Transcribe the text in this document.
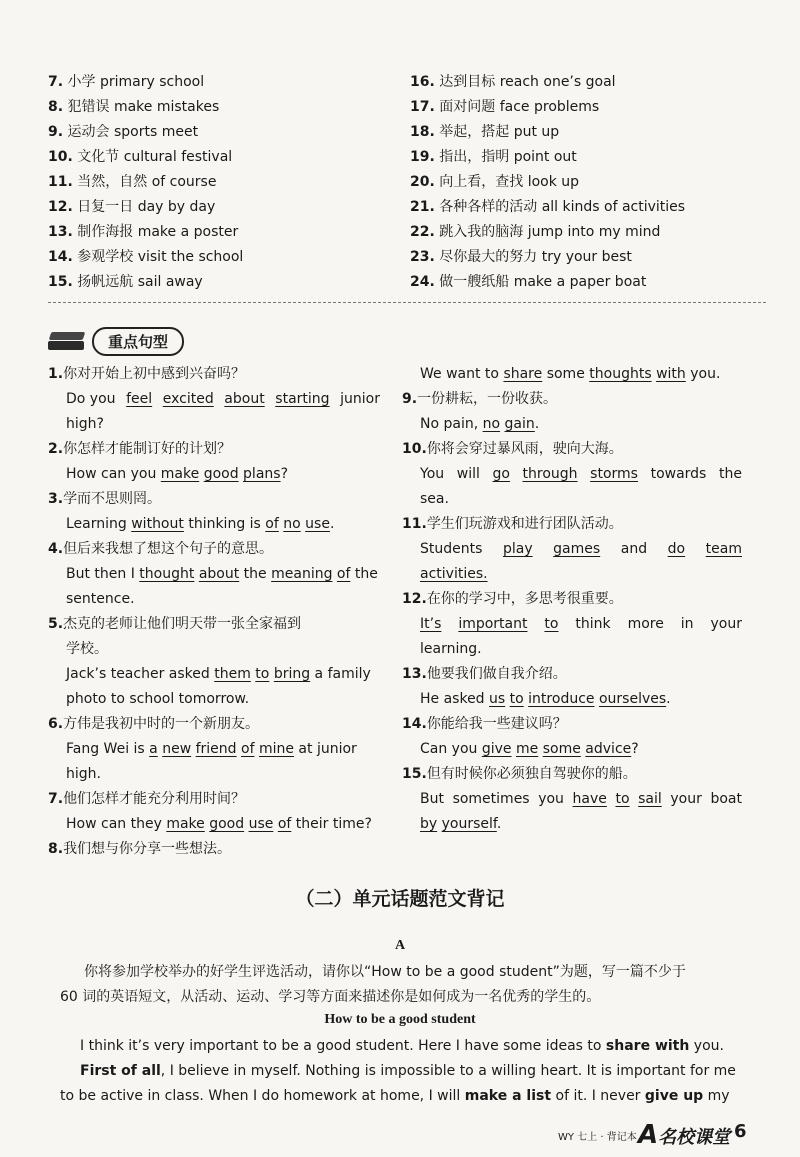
7. 小学 primary school
8. 犯错误 make mistakes
9. 运动会 sports meet
10. 文化节 cultural festival
11. 当然，自然 of course
12. 日复一日 day by day
13. 制作海报 make a poster
14. 参观学校 visit the school
15. 扬帆远航 sail away
16. 达到目标 reach one’s goal
17. 面对问题 face problems
18. 举起，搭起 put up
19. 指出，指明 point out
20. 向上看，查找 look up
21. 各种各样的活动 all kinds of activities
22. 跳入我的脑海 jump into my mind
23. 尽你最大的努力 try your best
24. 做一艘纸船 make a paper boat
重点句型
1.你对开始上初中感到兴奋吗？
Do you feel excited about starting junior
high?
2.你怎样才能制订好的计划？
How can you make good plans?
3.学而不思则罔。
Learning without thinking is of no use.
4.但后来我想了想这个句子的意思。
But then I thought about the meaning of the
sentence.
5.杰克的老师让他们明天带一张全家福到
学校。
Jack’s teacher asked them to bring a family
photo to school tomorrow.
6.方伟是我初中时的一个新朋友。
Fang Wei is a new friend of mine at junior
high.
7.他们怎样才能充分利用时间？
How can they make good use of their time?
8.我们想与你分享一些想法。
We want to share some thoughts with you.
9.一份耕耘，一份收获。
No pain, no gain.
10.你将会穿过暴风雨，驶向大海。
You will go through storms towards the
sea.
11.学生们玩游戏和进行团队活动。
Students play games and do team
activities.
12.在你的学习中，多思考很重要。
It’s important to think more in your
learning.
13.他要我们做自我介绍。
He asked us to introduce ourselves.
14.你能给我一些建议吗？
Can you give me some advice?
15.但有时候你必须独自驾驶你的船。
But sometimes you have to sail your boat
by yourself.
（二）单元话题范文背记
A
你将参加学校举办的好学生评选活动，请你以“How to be a good student”为题，写一篇不少于
60 词的英语短文，从活动、运动、学习等方面来描述你是如何成为一名优秀的学生的。
How to be a good student
I think it’s very important to be a good student. Here I have some ideas to share with you.
First of all, I believe in myself. Nothing is impossible to a willing heart. It is important for me
to be active in class. When I do homework at home, I will make a list of it. I never give up my
WY 七上 · 背记本 A名校课堂 6
